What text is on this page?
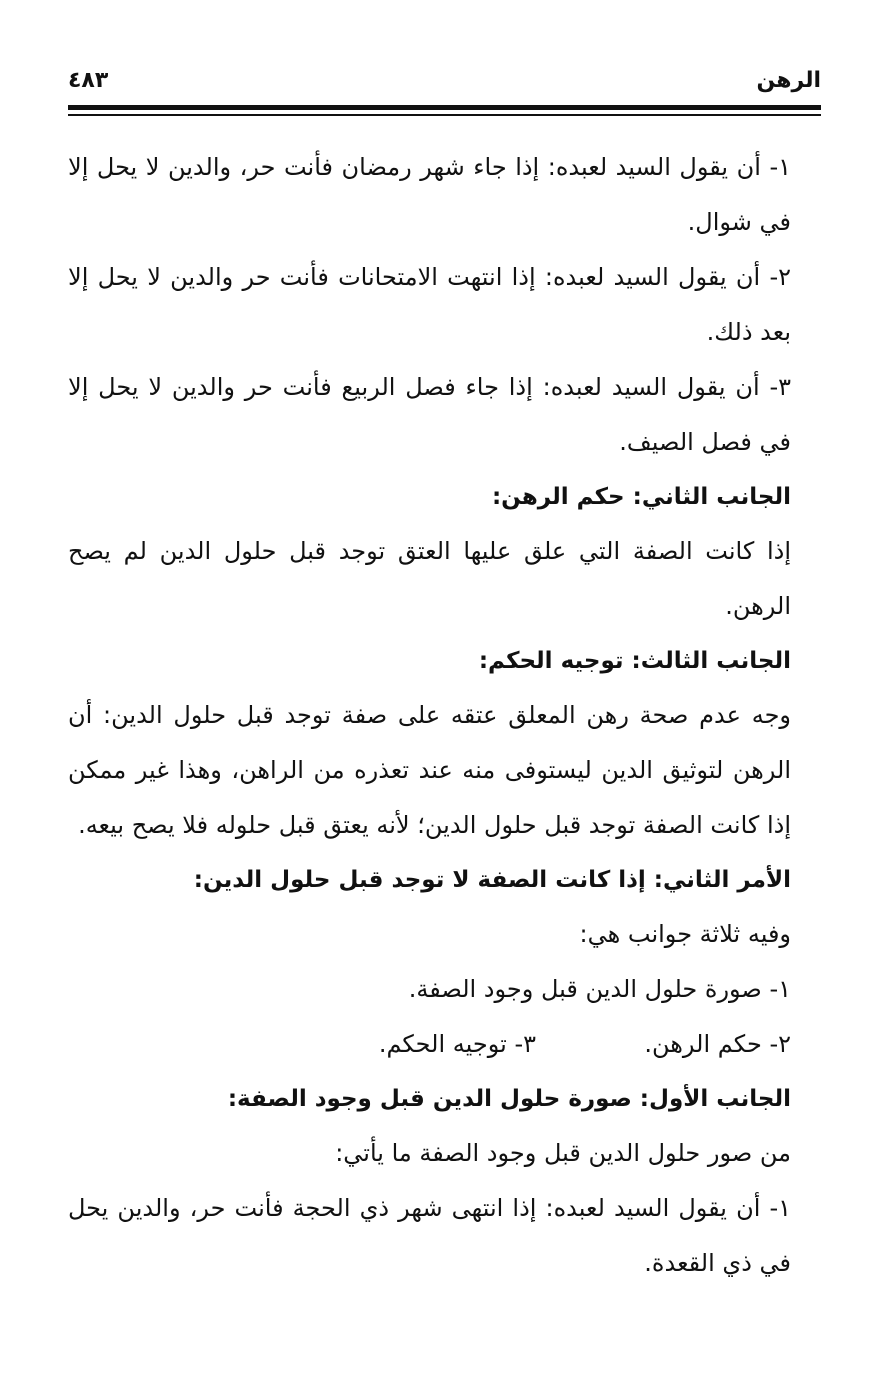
الرهن
٤٨٣

١- أن يقول السيد لعبده: إذا جاء شهر رمضان فأنت حر، والدين لا يحل إلا في شوال.

٢- أن يقول السيد لعبده: إذا انتهت الامتحانات فأنت حر والدين لا يحل إلا بعد ذلك.

٣- أن يقول السيد لعبده: إذا جاء فصل الربيع فأنت حر والدين لا يحل إلا في فصل الصيف.

الجانب الثاني: حكم الرهن:

إذا كانت الصفة التي علق عليها العتق توجد قبل حلول الدين لم يصح الرهن.

الجانب الثالث: توجيه الحكم:

وجه عدم صحة رهن المعلق عتقه على صفة توجد قبل حلول الدين: أن الرهن لتوثيق الدين ليستوفى منه عند تعذره من الراهن، وهذا غير ممكن إذا كانت الصفة توجد قبل حلول الدين؛ لأنه يعتق قبل حلوله فلا يصح بيعه.

الأمر الثاني: إذا كانت الصفة لا توجد قبل حلول الدين:

وفيه ثلاثة جوانب هي:

١- صورة حلول الدين قبل وجود الصفة.

٢- حكم الرهن.
٣- توجيه الحكم.

الجانب الأول: صورة حلول الدين قبل وجود الصفة:

من صور حلول الدين قبل وجود الصفة ما يأتي:

١- أن يقول السيد لعبده: إذا انتهى شهر ذي الحجة فأنت حر، والدين يحل في ذي القعدة.
